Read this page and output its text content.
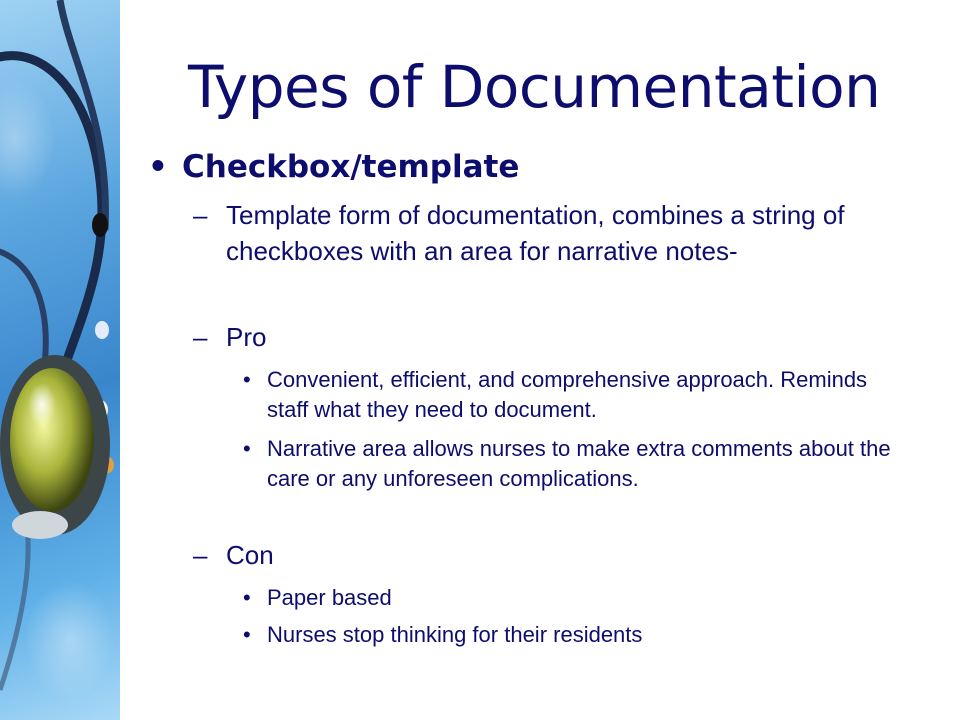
Types of Documentation
• Checkbox/template
– Template form of documentation, combines a string of checkboxes with an area for narrative notes-
– Pro
• Convenient, efficient, and comprehensive approach. Reminds staff what they need to document.
• Narrative area allows nurses to make extra comments about the care or any unforeseen complications.
– Con
• Paper based
• Nurses stop thinking for their residents
